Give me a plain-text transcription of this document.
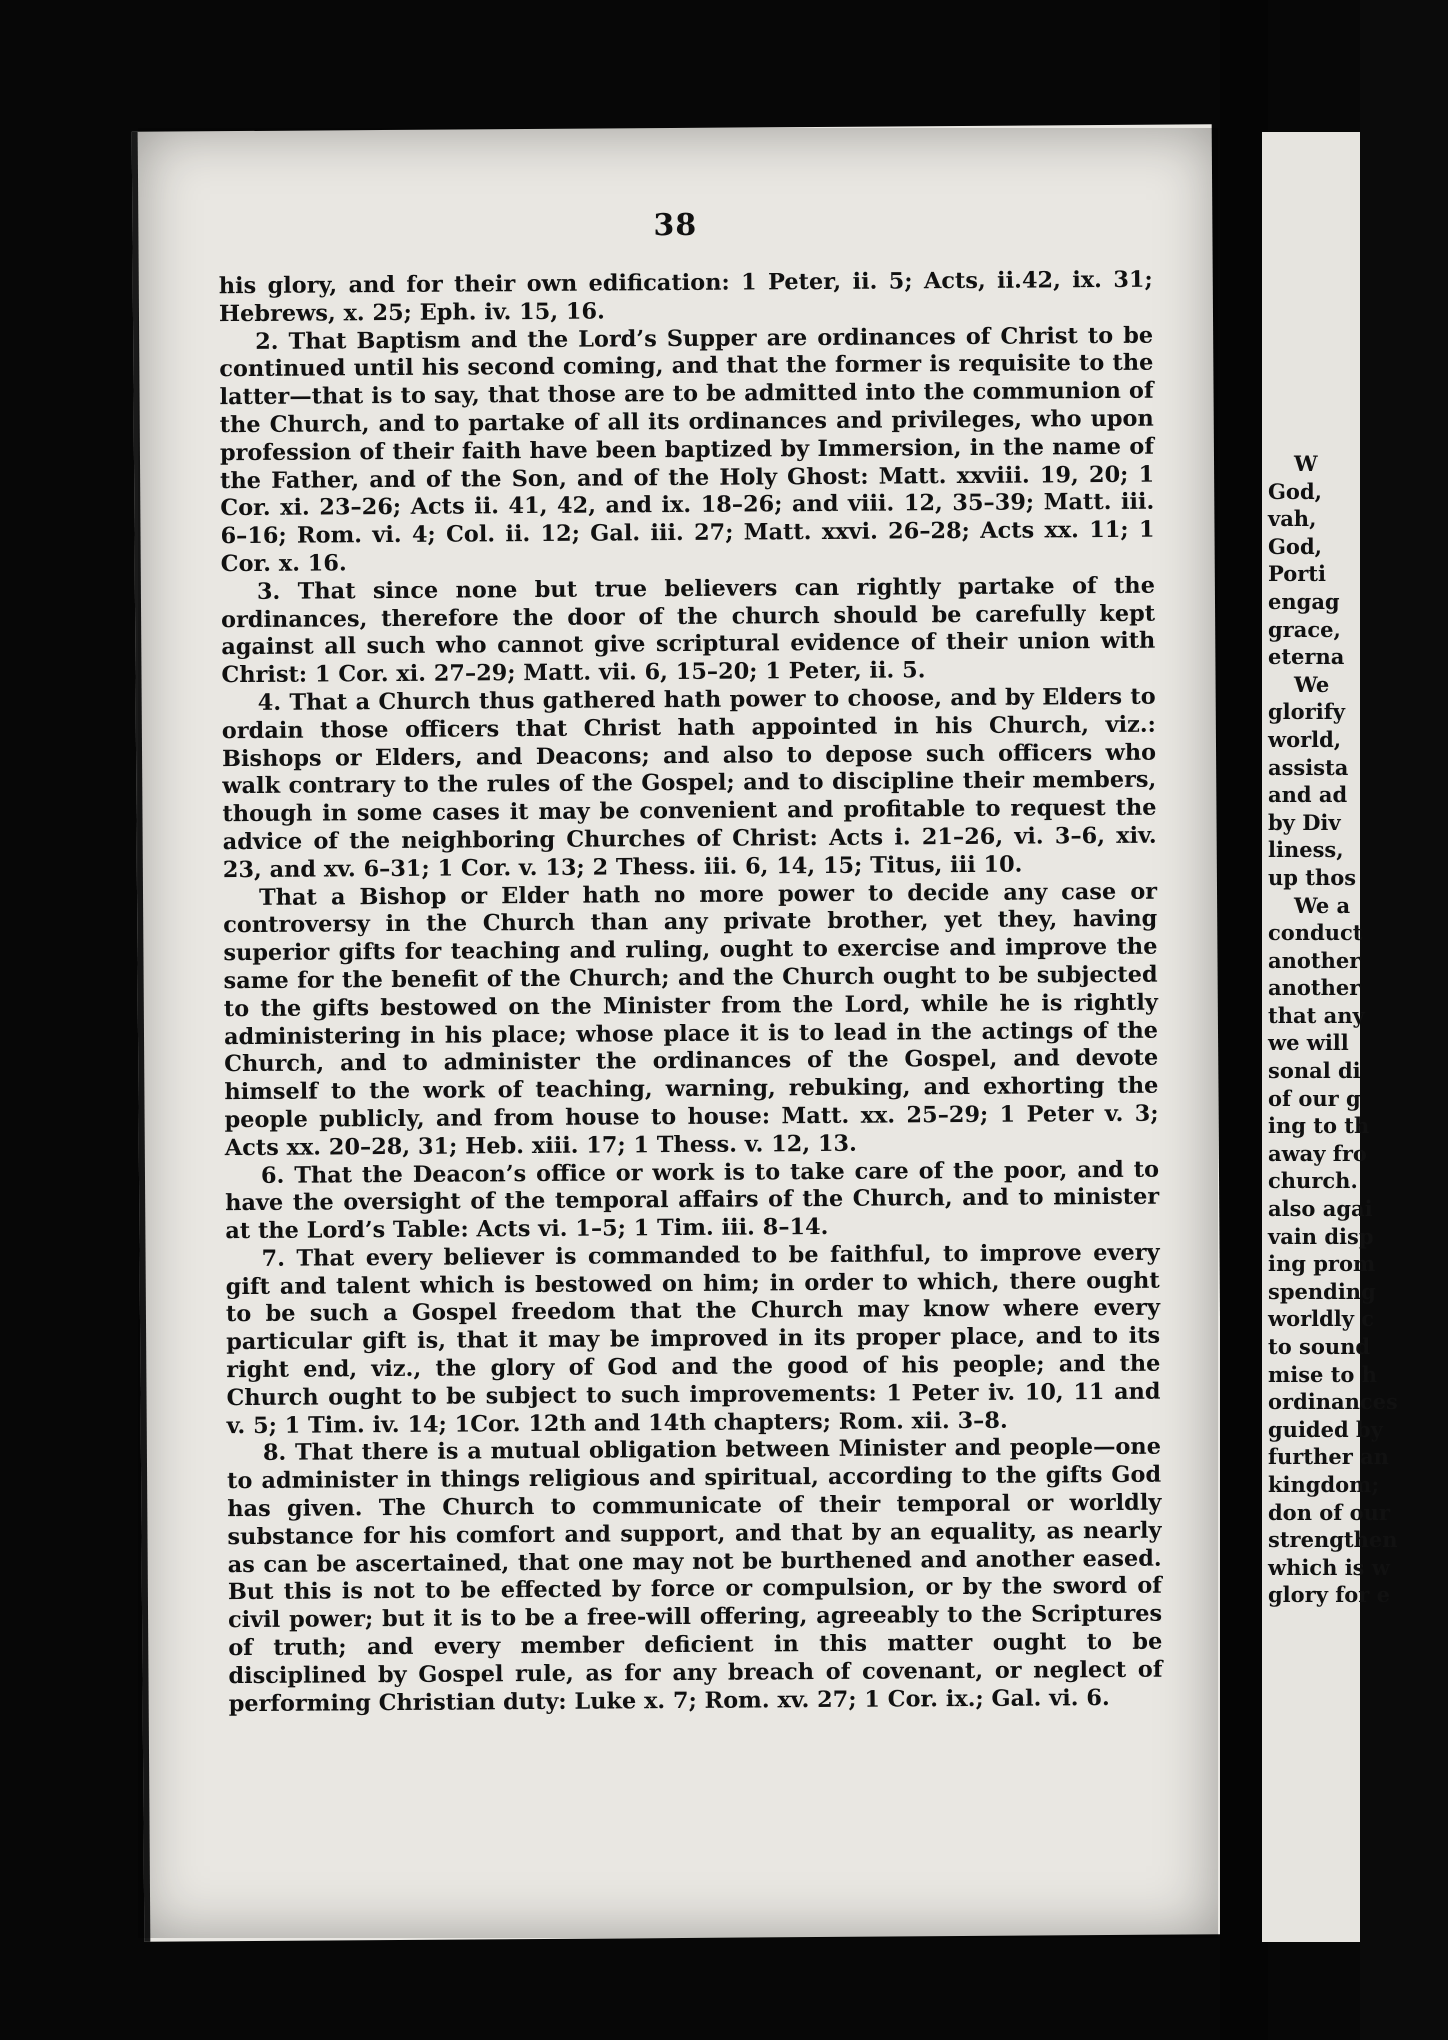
38

his glory, and for their own edification: 1 Peter, ii. 5; Acts, ii.42, ix. 31; Hebrews, x. 25; Eph. iv. 15, 16.

2. That Baptism and the Lord’s Supper are ordinances of Christ to be continued until his second coming, and that the former is requisite to the latter—that is to say, that those are to be admitted into the communion of the Church, and to partake of all its ordinances and privileges, who upon profession of their faith have been baptized by Immersion, in the name of the Father, and of the Son, and of the Holy Ghost: Matt. xxviii. 19, 20; 1 Cor. xi. 23–26; Acts ii. 41, 42, and ix. 18–26; and viii. 12, 35–39; Matt. iii. 6–16; Rom. vi. 4; Col. ii. 12; Gal. iii. 27; Matt. xxvi. 26–28; Acts xx. 11; 1 Cor. x. 16.

3. That since none but true believers can rightly partake of the ordinances, therefore the door of the church should be carefully kept against all such who cannot give scriptural evidence of their union with Christ: 1 Cor. xi. 27–29; Matt. vii. 6, 15–20; 1 Peter, ii. 5.

4. That a Church thus gathered hath power to choose, and by Elders to ordain those officers that Christ hath appointed in his Church, viz.: Bishops or Elders, and Deacons; and also to depose such officers who walk contrary to the rules of the Gospel; and to discipline their members, though in some cases it may be convenient and profitable to request the advice of the neighboring Churches of Christ: Acts i. 21–26, vi. 3–6, xiv. 23, and xv. 6–31; 1 Cor. v. 13; 2 Thess. iii. 6, 14, 15; Titus, iii 10.

That a Bishop or Elder hath no more power to decide any case or controversy in the Church than any private brother, yet they, having superior gifts for teaching and ruling, ought to exercise and improve the same for the benefit of the Church; and the Church ought to be subjected to the gifts bestowed on the Minister from the Lord, while he is rightly administering in his place; whose place it is to lead in the actings of the Church, and to administer the ordinances of the Gospel, and devote himself to the work of teaching, warning, rebuking, and exhorting the people publicly, and from house to house: Matt. xx. 25–29; 1 Peter v. 3; Acts xx. 20–28, 31; Heb. xiii. 17; 1 Thess. v. 12, 13.

6. That the Deacon’s office or work is to take care of the poor, and to have the oversight of the temporal affairs of the Church, and to minister at the Lord’s Table: Acts vi. 1–5; 1 Tim. iii. 8–14.

7. That every believer is commanded to be faithful, to improve every gift and talent which is bestowed on him; in order to which, there ought to be such a Gospel freedom that the Church may know where every particular gift is, that it may be improved in its proper place, and to its right end, viz., the glory of God and the good of his people; and the Church ought to be subject to such improvements: 1 Peter iv. 10, 11 and v. 5; 1 Tim. iv. 14; 1Cor. 12th and 14th chapters; Rom. xii. 3–8.

8. That there is a mutual obligation between Minister and people—one to administer in things religious and spiritual, according to the gifts God has given. The Church to communicate of their temporal or worldly substance for his comfort and support, and that by an equality, as nearly as can be ascertained, that one may not be burthened and another eased. But this is not to be effected by force or compulsion, or by the sword of civil power; but it is to be a free-will offering, agreeably to the Scriptures of truth; and every member deficient in this matter ought to be disciplined by Gospel rule, as for any breach of covenant, or neglect of performing Christian duty: Luke x. 7; Rom. xv. 27; 1 Cor. ix.; Gal. vi. 6.

W
God,
vah,
God,
Porti
engag
grace,
eterna
We
glorify
world,
assista
and ad
by Div
liness,
up thos
We a
conduct
another
another
that any
we will
sonal di
of our g
ing to th
away fro
church.
also agai
vain disp
ing prom
spending
worldly c
to sound
mise to h
ordinances
guided by
further an
kingdom;
don of our
strengthen
which is w
glory for e
